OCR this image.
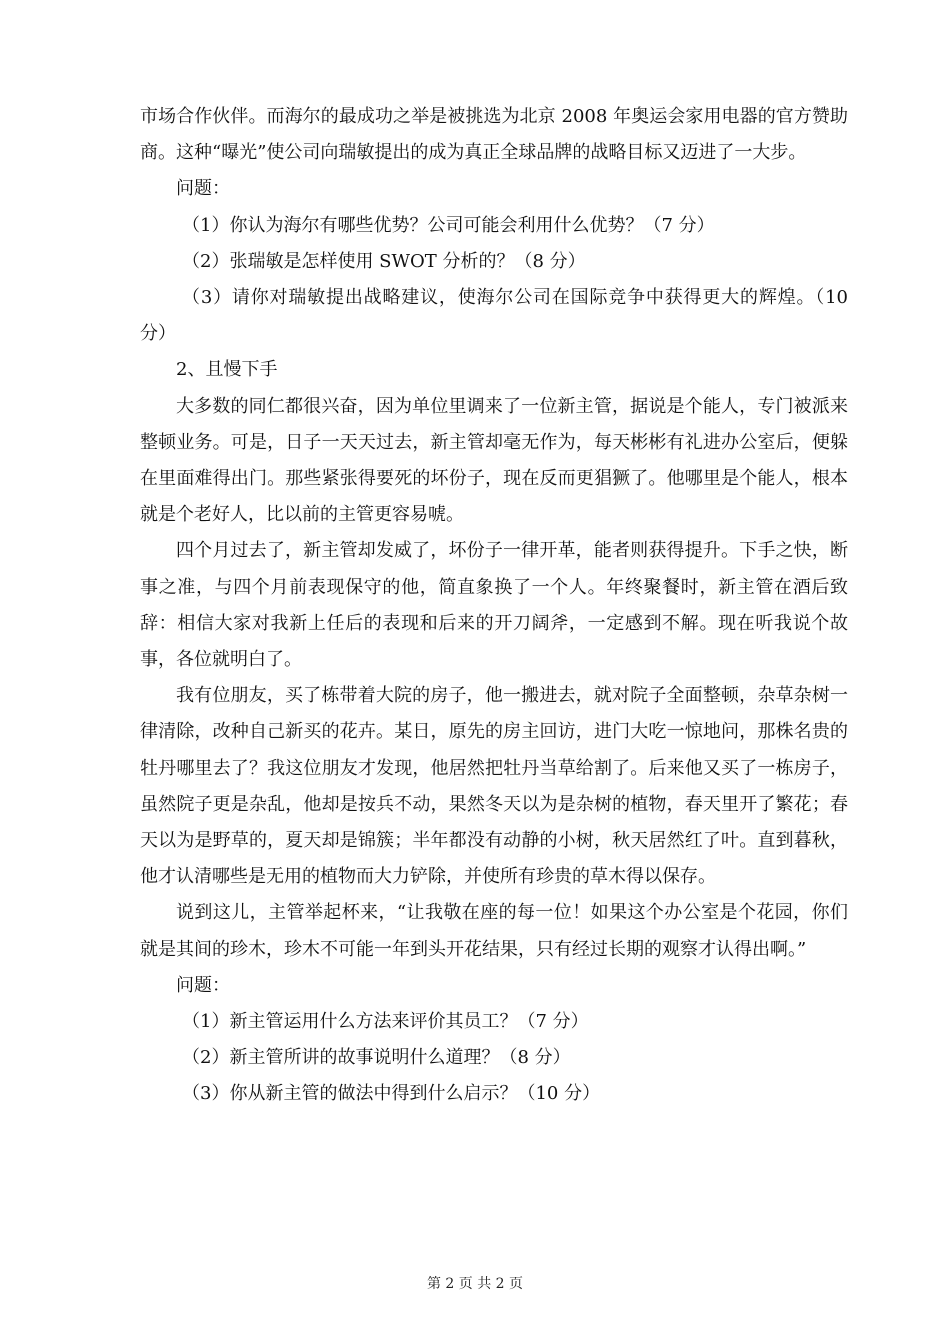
市场合作伙伴。而海尔的最成功之举是被挑选为北京 2008 年奥运会家用电器的官方赞助商。这种“曝光”使公司向瑞敏提出的成为真正全球品牌的战略目标又迈进了一大步。

问题：

（1）你认为海尔有哪些优势？公司可能会利用什么优势？（7 分）

（2）张瑞敏是怎样使用 SWOT 分析的？（8 分）

（3）请你对瑞敏提出战略建议，使海尔公司在国际竞争中获得更大的辉煌。（10 分）

2、且慢下手

大多数的同仁都很兴奋，因为单位里调来了一位新主管，据说是个能人，专门被派来整顿业务。可是，日子一天天过去，新主管却毫无作为，每天彬彬有礼进办公室后，便躲在里面难得出门。那些紧张得要死的坏份子，现在反而更猖獗了。他哪里是个能人，根本就是个老好人，比以前的主管更容易唬。

四个月过去了，新主管却发威了，坏份子一律开革，能者则获得提升。下手之快，断事之准，与四个月前表现保守的他，简直象换了一个人。年终聚餐时，新主管在酒后致辞：相信大家对我新上任后的表现和后来的开刀阔斧，一定感到不解。现在听我说个故事，各位就明白了。

我有位朋友，买了栋带着大院的房子，他一搬进去，就对院子全面整顿，杂草杂树一律清除，改种自己新买的花卉。某日，原先的房主回访，进门大吃一惊地问，那株名贵的牡丹哪里去了？我这位朋友才发现，他居然把牡丹当草给割了。后来他又买了一栋房子，虽然院子更是杂乱，他却是按兵不动，果然冬天以为是杂树的植物，春天里开了繁花；春天以为是野草的，夏天却是锦簇；半年都没有动静的小树，秋天居然红了叶。直到暮秋，他才认清哪些是无用的植物而大力铲除，并使所有珍贵的草木得以保存。

说到这儿，主管举起杯来，“让我敬在座的每一位！如果这个办公室是个花园，你们就是其间的珍木，珍木不可能一年到头开花结果，只有经过长期的观察才认得出啊。”

问题：

（1）新主管运用什么方法来评价其员工？（7 分）

（2）新主管所讲的故事说明什么道理？（8 分）

（3）你从新主管的做法中得到什么启示？（10 分）

第 2 页 共 2 页
